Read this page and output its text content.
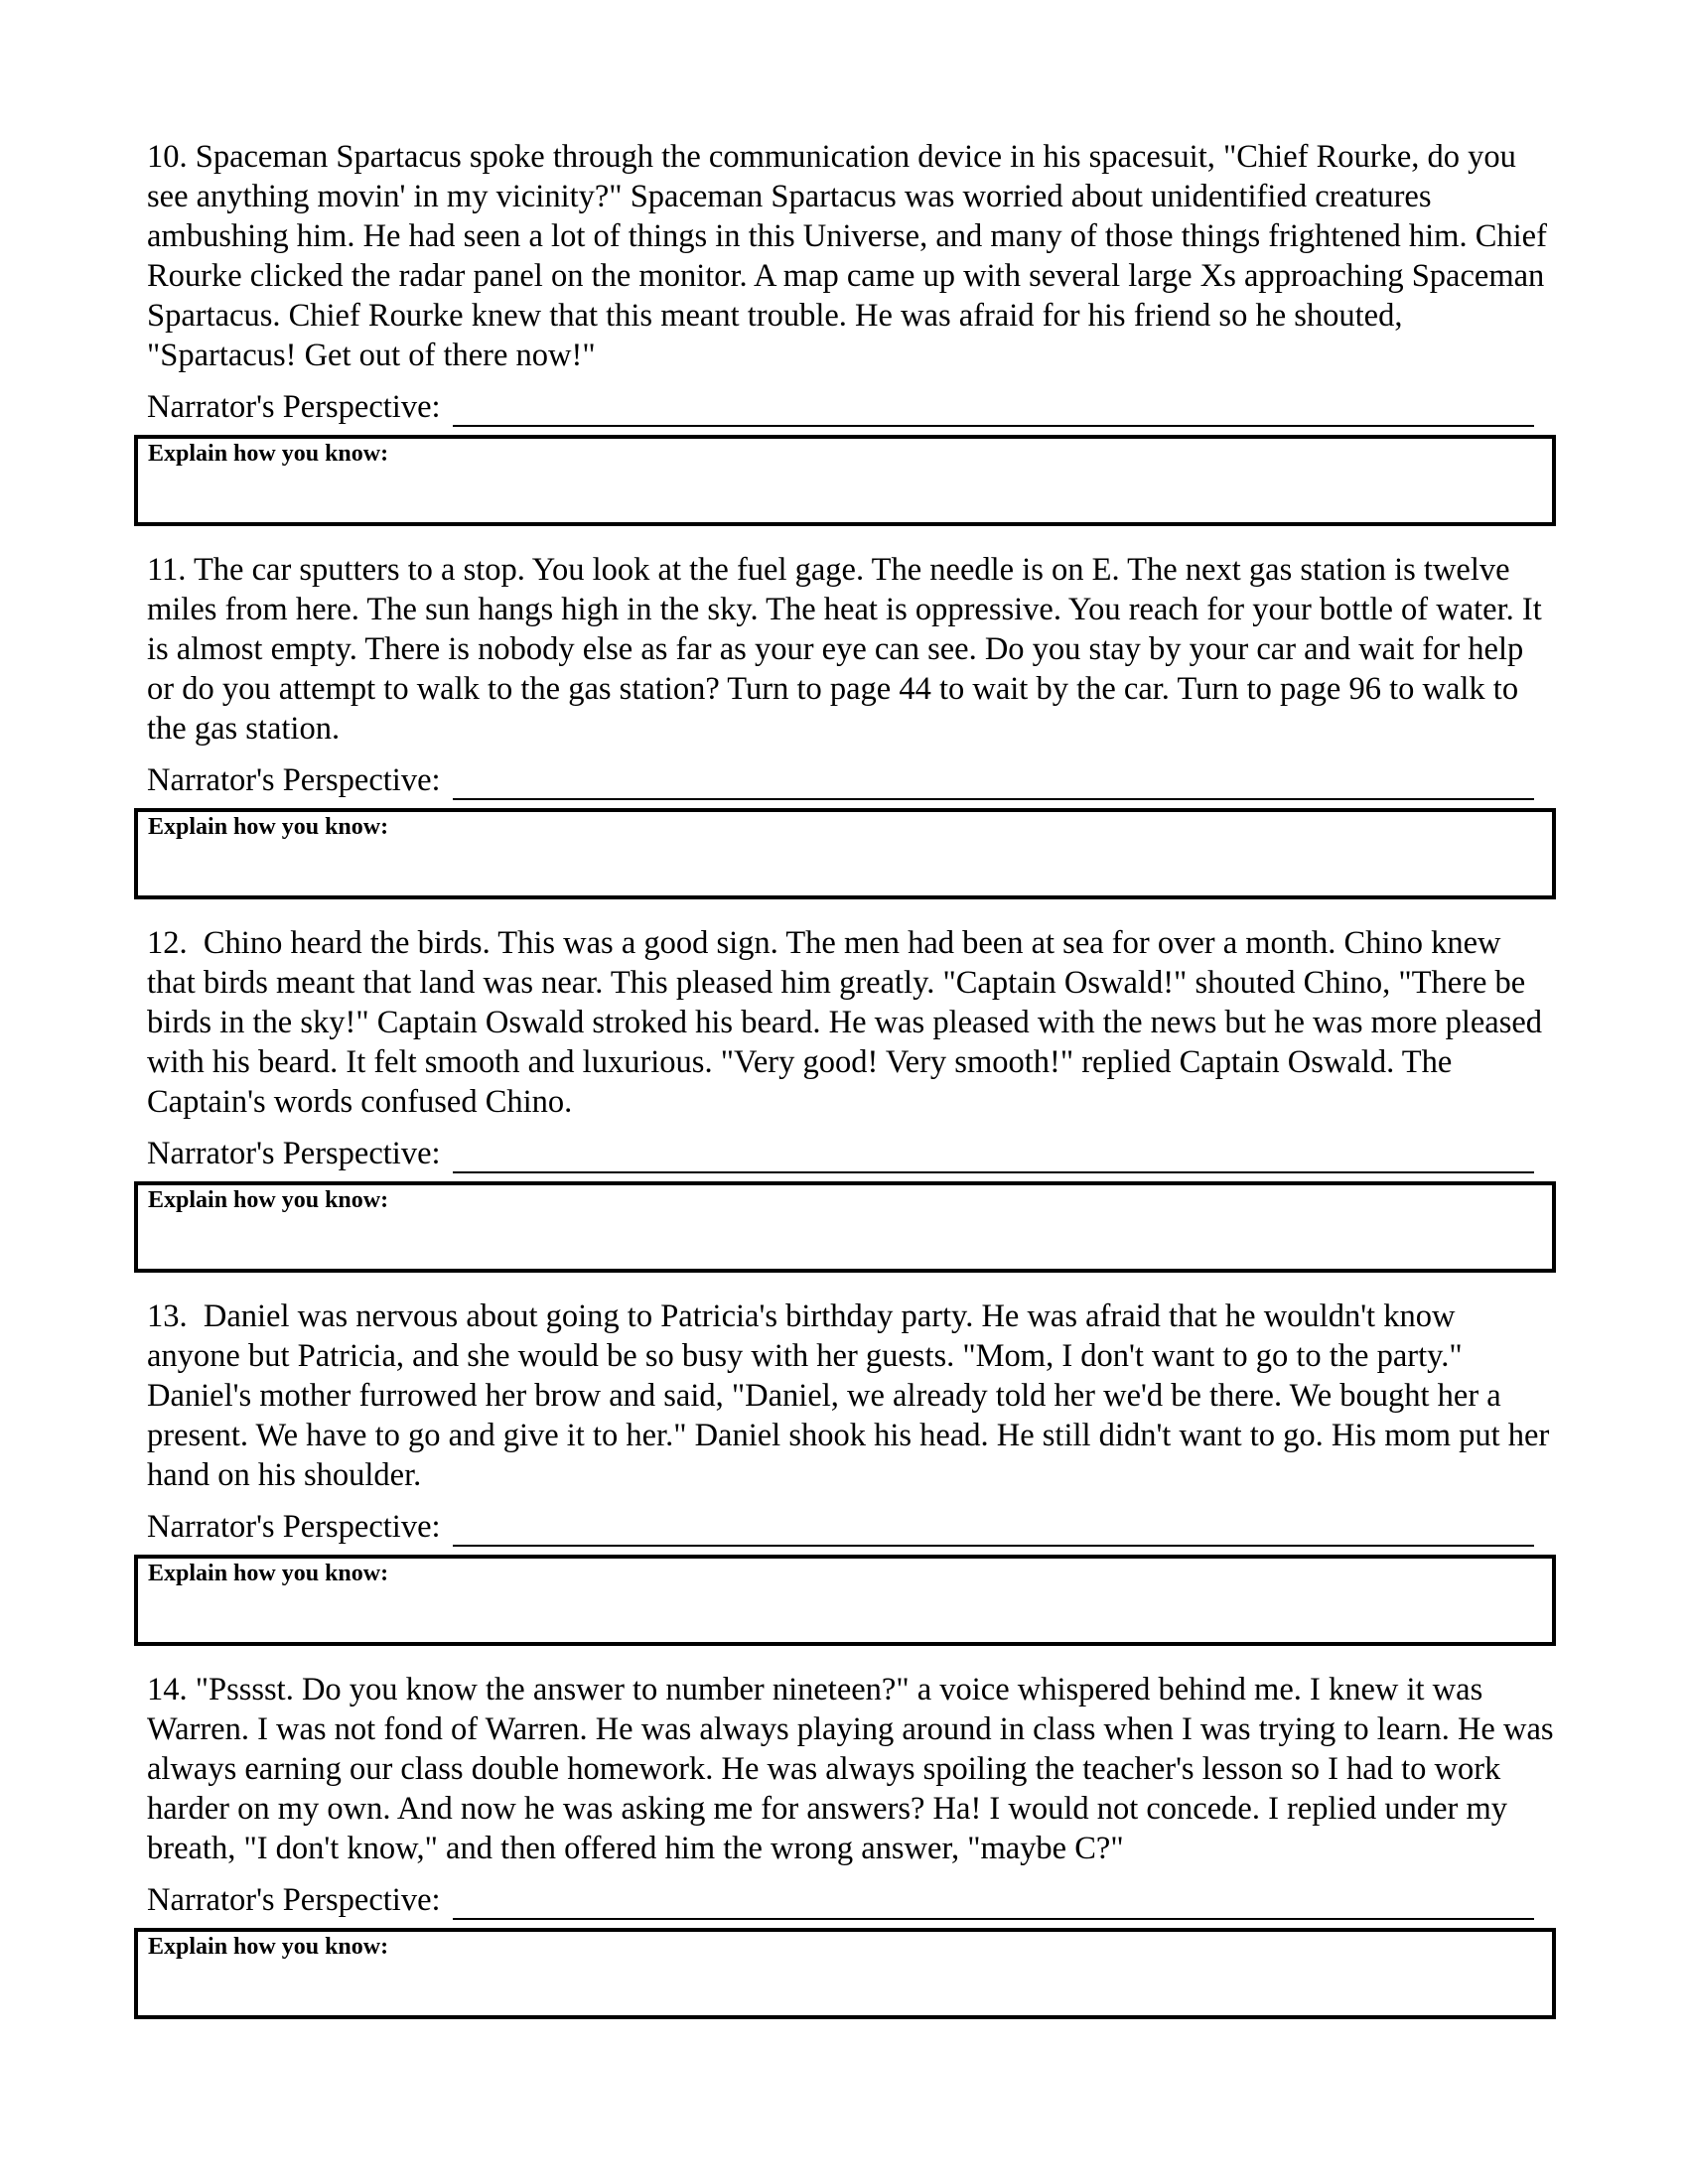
10. Spaceman Spartacus spoke through the communication device in his spacesuit, "Chief Rourke, do you see anything movin' in my vicinity?" Spaceman Spartacus was worried about unidentified creatures ambushing him. He had seen a lot of things in this Universe, and many of those things frightened him. Chief Rourke clicked the radar panel on the monitor. A map came up with several large Xs approaching Spaceman Spartacus. Chief Rourke knew that this meant trouble. He was afraid for his friend so he shouted, "Spartacus! Get out of there now!"

Narrator's Perspective:
Explain how you know:

11. The car sputters to a stop. You look at the fuel gage. The needle is on E. The next gas station is twelve miles from here. The sun hangs high in the sky. The heat is oppressive. You reach for your bottle of water. It is almost empty. There is nobody else as far as your eye can see. Do you stay by your car and wait for help or do you attempt to walk to the gas station? Turn to page 44 to wait by the car. Turn to page 96 to walk to the gas station.

Narrator's Perspective:
Explain how you know:

12.  Chino heard the birds. This was a good sign. The men had been at sea for over a month. Chino knew that birds meant that land was near. This pleased him greatly. "Captain Oswald!" shouted Chino, "There be birds in the sky!" Captain Oswald stroked his beard. He was pleased with the news but he was more pleased with his beard. It felt smooth and luxurious. "Very good! Very smooth!" replied Captain Oswald. The Captain's words confused Chino.

Narrator's Perspective:
Explain how you know:

13.  Daniel was nervous about going to Patricia's birthday party. He was afraid that he wouldn't know anyone but Patricia, and she would be so busy with her guests. "Mom, I don't want to go to the party." Daniel's mother furrowed her brow and said, "Daniel, we already told her we'd be there. We bought her a present. We have to go and give it to her." Daniel shook his head. He still didn't want to go. His mom put her hand on his shoulder.

Narrator's Perspective:
Explain how you know:

14. "Psssst. Do you know the answer to number nineteen?" a voice whispered behind me. I knew it was Warren. I was not fond of Warren. He was always playing around in class when I was trying to learn. He was always earning our class double homework. He was always spoiling the teacher's lesson so I had to work harder on my own. And now he was asking me for answers? Ha! I would not concede. I replied under my breath, "I don't know," and then offered him the wrong answer, "maybe C?"

Narrator's Perspective:
Explain how you know:
